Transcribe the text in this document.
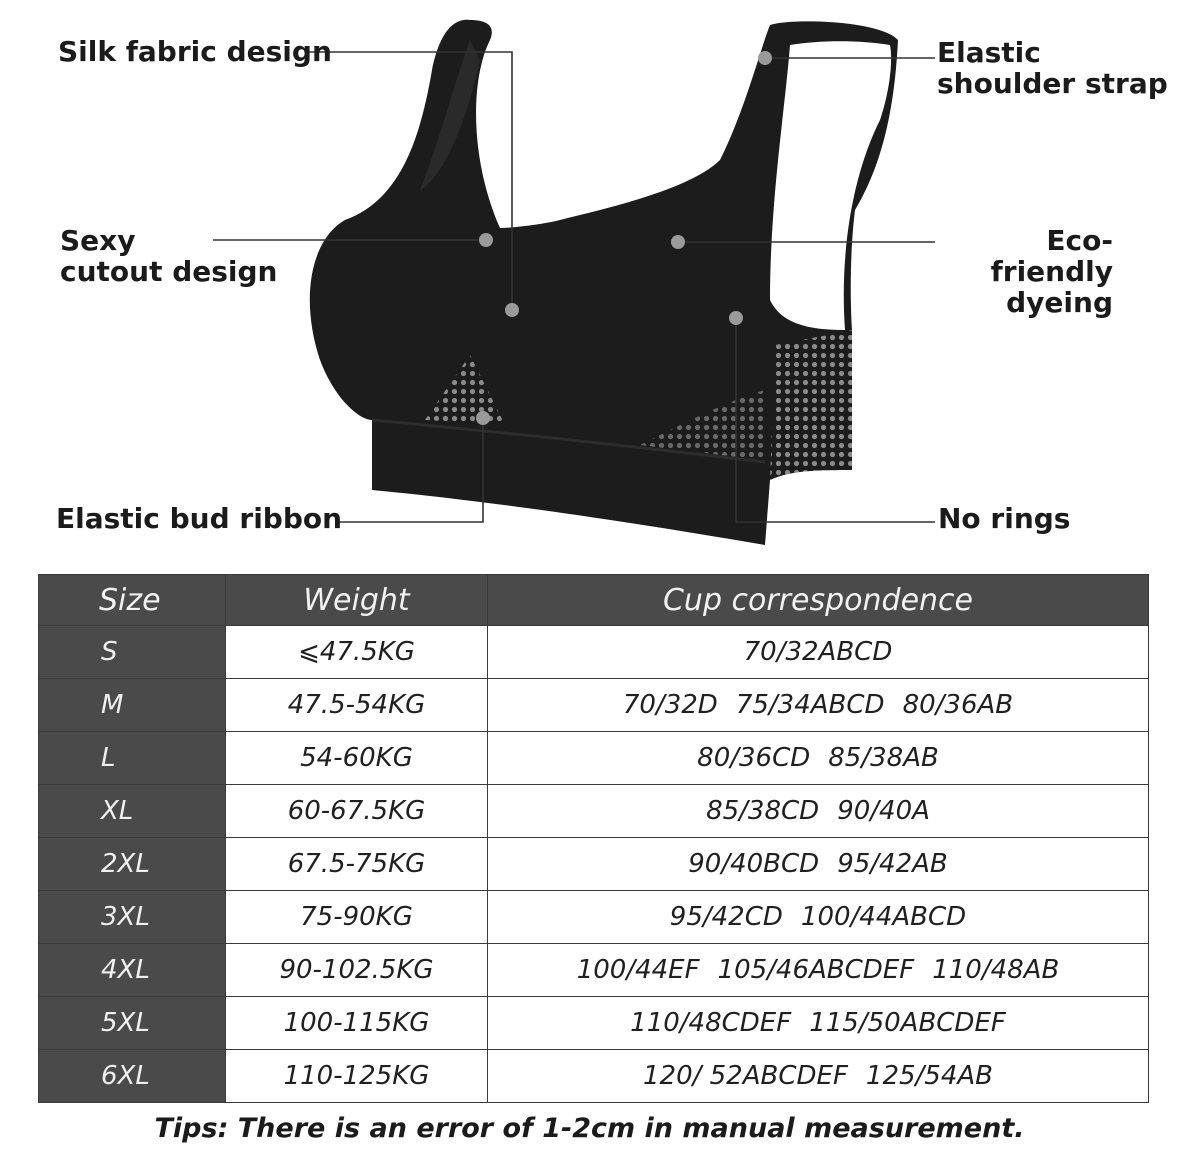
Silk fabric design	Elastic
shoulder strap
Sexy
cutout design
Eco-friendly
dyeing
Elastic bud ribbon	No rings
Size	Weight	Cup correspondence
S	⩽47.5KG	70/32ABCD
M	47.5-54KG	70/32D 75/34ABCD 80/36AB
L	54-60KG	80/36CD 85/38AB
XL	60-67.5KG	85/38CD 90/40A
2XL	67.5-75KG	90/40BCD 95/42AB
3XL	75-90KG	95/42CD 100/44ABCD
4XL	90-102.5KG	100/44EF 105/46ABCDEF 110/48AB
5XL	100-115KG	110/48CDEF 115/50ABCDEF
6XL	110-125KG	120/ 52ABCDEF 125/54AB
Tips: There is an error of 1-2cm in manual measurement.
